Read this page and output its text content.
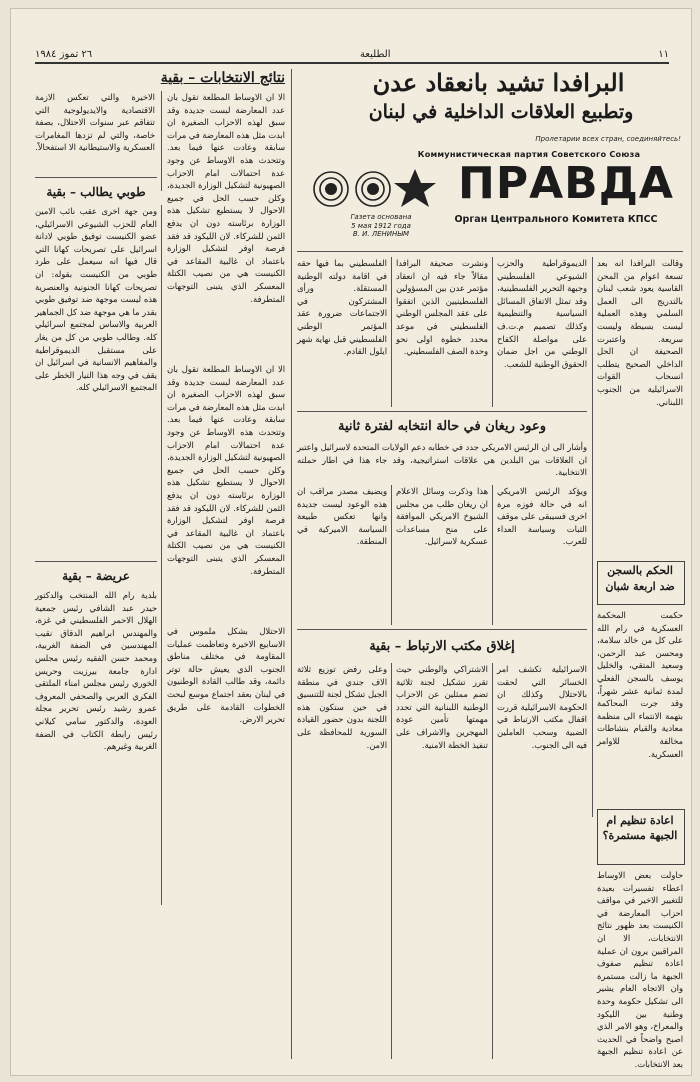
١١
الطليعة
٢٦ تموز ١٩٨٤
البرافدا تشيد بانعقاد عدن
وتطبيع العلاقات الداخلية في لبنان
Пролетарии всех стран, соединяйтесь!
Коммунистическая партия Советского Союза
ПРАВДА
Орган Центрального Комитета КПСС
Газета основана
5 мая 1912 года
В. И. ЛЕНИНЫМ
نتائج الانتخابات – بقية
الاخيرة والتي تعكس الازمة الاقتصادية والايديولوجية التي تتفاقم عبر سنوات الاحتلال، بصفة خاصة، والتي لم تزدها المغامرات العسكرية والاستيطانية الا استفحالاً.
الا ان الاوساط المطلعة تقول بان عدد المعارضة لبست جديدة وقد سبق لهذه الاحزاب الصغيرة ان ابدت مثل هذه المعارضة في مرات سابقة وعادت عنها فيما بعد. وتتحدث هذه الاوساط عن وجود عدة احتمالات امام الاحزاب الصهيونية لتشكيل الوزارة الجديدة، وكلن حسب الحل في جميع الاحوال لا يستطيع تشكيل هذه الوزارة برئاسته دون ان يدفع الثمن للشركاء. لان الليكود قد فقد فرصة اوفر لتشكيل الوزارة باعتماد ان غالبية المقاعد في الكنيست هي من نصيب الكتلة المعسكر الذي يتبنى التوجهات المتطرفة.
طوبي يطالب – بقية
ومن جهة اخرى عقب نائب الامين العام للحزب الشيوعي الاسرائيلي، عضو الكنيست توفيق طوبي لادانة اسرائيل على تصريحات كهانا التي قال فيها انه سيعمل على طرد طوبي من الكنيست بقوله: ان تصريحات كهانا الجنونية والعنصرية هذه ليست موجهة ضد توفيق طوبي بقدر ما هي موجهة ضد كل الجماهير العربية والاساس لمجتمع اسرائيلي كله. وطالب طوبي من كل من يغار على مستقبل الديموقراطية والمفاهيم الانسانية في اسرائيل ان يقف في وجه هذا التيار الخطر على المجتمع الاسرائيلي كله.
الا ان الاوساط المطلعة تقول بان عدد المعارضة لبست جديدة وقد سبق لهذه الاحزاب الصغيرة ان ابدت مثل هذه المعارضة في مرات سابقة وعادت عنها فيما بعد. وتتحدث هذه الاوساط عن وجود عدة احتمالات امام الاحزاب الصهيونية لتشكيل الوزارة الجديدة، وكلن حسب الحل في جميع الاحوال لا يستطيع تشكيل هذه الوزارة برئاسته دون ان يدفع الثمن للشركاء. لان الليكود قد فقد فرصة اوفر لتشكيل الوزارة باعتماد ان غالبية المقاعد في الكنيست هي من نصيب الكتلة المعسكر الذي يتبنى التوجهات المتطرفة.
عريضة – بقية
بلدية رام الله المنتخب والدكتور حيدر عبد الشافي رئيس جمعية الهلال الاحمر الفلسطيني في غزة، والمهندس ابراهيم الدقاق نقيب المهندسين في الضفة الغربية، ومحمد حسن الفقيه رئيس مجلس ادارة جامعة بيرزيت وحريس الخوري رئيس مجلس امناء الملتقى الفكري العربي والصحفي المعروف عمرو رشيد رئيس تحرير مجلة العودة، والدكتور سامي كيلاني رئيس رابطة الكتاب في الضفة الغربية وغيرهم.
الاحتلال بشكل ملموس في الاسابيع الاخيرة وتعاظمت عمليات المقاومة في مختلف مناطق الجنوب الذي يعيش حالة توتر دائمة، وقد طالب القادة الوطنيون في لبنان بعقد اجتماع موسع لبحث الخطوات القادمة على طريق تحرير الارض.
الفلسطيني بما فيها حقه في اقامة دولته الوطنية المستقلة. ورأى المشتركون في الاجتماعات ضرورة عقد المؤتمر الوطني الفلسطيني قبل نهاية شهر ايلول القادم.
ونشرت صحيفة البرافدا مقالاً جاء فيه ان انعقاد مؤتمر عدن بين المسؤولين الفلسطينيين الذين اتفقوا على عقد المجلس الوطني الفلسطيني في موعد محدد خطوة اولى نحو وحدة الصف الفلسطيني.
الديموقراطية والحزب الشيوعي الفلسطيني وجبهة التحرير الفلسطينية، وقد تمثل الاتفاق المسائل السياسية والتنظيمية وكذلك تصميم م.ت.ف على مواصلة الكفاح الوطني من اجل ضمان الحقوق الوطنية للشعب.
وقالت البرافدا انه بعد تسعة اعوام من المحن القاسية يعود شعب لبنان بالتدريج الى العمل السلمي وهذه العملية ليست بسيطة وليست سريعة. واعتبرت الصحيفة ان الحل الداخلي الصحيح يتطلب انسحاب القوات الاسرائيلية من الجنوب اللبناني.
وعود ريغان في حالة انتخابه لفترة ثانية
وأشار الى ان الرئيس الامريكي جدد في خطابه دعم الولايات المتحدة لاسرائيل واعتبر ان العلاقات بين البلدين هي علاقات استراتيجية، وقد جاء هذا في اطار حملته الانتخابية.
ويضيف مصدر مراقب ان هذه الوعود ليست جديدة وانها تعكس طبيعة السياسة الاميركية في المنطقة.
هذا وذكرت وسائل الاعلام ان ريغان طلب من مجلس الشيوخ الامريكي الموافقة على منح مساعدات عسكرية لاسرائيل.
ويؤكد الرئيس الامريكي انه في حالة فوزه مرة اخرى فسيبقى على موقف الثبات وسياسة العداء للعرب.
الحكم بالسجن ضد اربعة شبان
حكمت المحكمة العسكرية في رام الله على كل من خالد سلامة، ومحسن عبد الرحمن، وسعيد المتقي، والخليل يوسف بالسجن الفعلي لمدة ثمانية عشر شهراً، وقد جرت المحاكمة بتهمة الانتماء الى منظمة معادية والقيام بنشاطات مخالفة للاوامر العسكرية.
إغلاق مكتب الارتباط – بقية
وعلى رفض توزيع ثلاثة الاف جندي في منطقة الجبل تشكل لجنة للتنسيق في حين ستكون هذه اللجنة بدون حضور القيادة السورية للمحافظة على الامن.
الاشتراكي والوطني حيث تقرر تشكيل لجنة ثلاثية تضم ممثلين عن الاحزاب الوطنية اللبنانية التي تحدد مهمتها تأمين عودة المهجرين والاشراف على تنفيذ الخطة الامنية.
الاسرائيلية تكشف امر الخسائر التي لحقت بالاحتلال وكذلك ان الحكومة الاسرائيلية قررت اقفال مكتب الارتباط في الضبية وسحب العاملين فيه الى الجنوب.
اعادة تنظيم ام الجبهة مستمرة؟
حاولت بعض الاوساط اعطاء تفسيرات بعيدة للتغيير الاخير في مواقف احزاب المعارضة في الكنيست بعد ظهور نتائج الانتخابات، الا ان المراقبين يرون ان عملية اعادة تنظيم صفوف الجبهة ما زالت مستمرة وان الاتجاه العام يشير الى تشكيل حكومة وحدة وطنية بين الليكود والمعراخ، وهو الامر الذي اصبح واضحاً في الحديث عن اعادة تنظيم الجبهة بعد الانتخابات.
